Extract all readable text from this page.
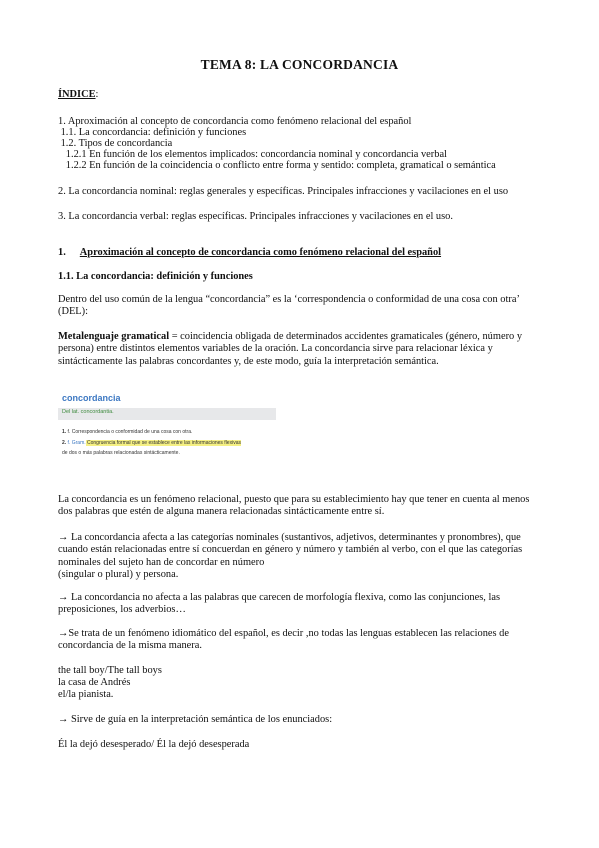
TEMA 8: LA CONCORDANCIA
ÍNDICE:
1. Aproximación al concepto de concordancia como fenómeno relacional del español
1.1. La concordancia: definición y funciones
1.2. Tipos de concordancia
1.2.1 En función de los elementos implicados: concordancia nominal y concordancia verbal
1.2.2 En función de la coincidencia o conflicto entre forma y sentido: completa, gramatical o semántica
2. La concordancia nominal: reglas generales y específicas. Principales infracciones y vacilaciones en el uso
3. La concordancia verbal: reglas específicas. Principales infracciones y vacilaciones en el uso.
1. Aproximación al concepto de concordancia como fenómeno relacional del español
1.1. La concordancia: definición y funciones
Dentro del uso común de la lengua “concordancia” es la ‘correspondencia o conformidad de una cosa con otra’ (DEL):
Metalenguaje gramatical = coincidencia obligada de determinados accidentes gramaticales (género, número y persona) entre distintos elementos variables de la oración. La concordancia sirve para relacionar léxica y sintácticamente las palabras concordantes y, de este modo, guía la interpretación semántica.
concordancia
Del lat. concordantia.
1. f. Correspondencia o conformidad de una cosa con otra.
2. f. Gram. Congruencia formal que se establece entre las informaciones flexivas
de dos o más palabras relacionadas sintácticamente.
La concordancia es un fenómeno relacional, puesto que para su establecimiento hay que tener en cuenta al menos dos palabras que estén de alguna manera relacionadas sintácticamente entre sí.
→ La concordancia afecta a las categorías nominales (sustantivos, adjetivos, determinantes y pronombres), que cuando están relacionadas entre sí concuerdan en género y número y también al verbo, con el que las categorías nominales del sujeto han de concordar en número
(singular o plural) y persona.
→ La concordancia no afecta a las palabras que carecen de morfología flexiva, como las conjunciones, las preposiciones, los adverbios…
→Se trata de un fenómeno idiomático del español, es decir ,no todas las lenguas establecen las relaciones de concordancia de la misma manera.
the tall boy/The tall boys
la casa de Andrés
el/la pianista.
→ Sirve de guía en la interpretación semántica de los enunciados:
Él la dejó desesperado/ Él la dejó desesperada
